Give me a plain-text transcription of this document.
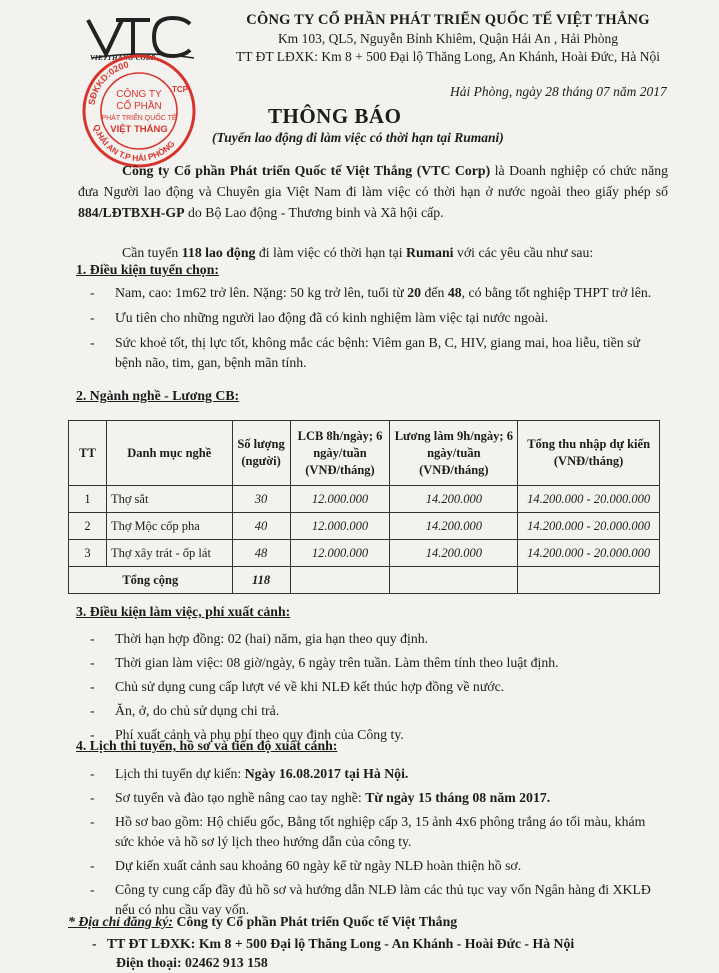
VIETTHANG CORP
CÔNG TY CỔ PHẦN PHÁT TRIỂN QUỐC TẾ VIỆT THẮNG
Km 103, QL5, Nguyễn Bỉnh Khiêm, Quận Hải An , Hải Phòng
TT ĐT LĐXK: Km 8 + 500 Đại lộ Thăng Long, An Khánh, Hoài Đức, Hà Nội
SĐKKD:0200
Q.HẢI AN T.P HẢI PHÒNG
TCP
CÔNG TY
CỔ PHẦN
PHÁT TRIỂN QUỐC TẾ
VIỆT THẮNG
Hải Phòng, ngày 28 tháng 07 năm 2017
THÔNG BÁO
(Tuyển lao động đi làm việc có thời hạn tại Rumani)
Công ty Cổ phần Phát triển Quốc tế Việt Thắng (VTC Corp) là Doanh nghiệp có chức năng đưa Người lao động và Chuyên gia Việt Nam đi làm việc có thời hạn ở nước ngoài theo giấy phép số 884/LĐTBXH-GP do Bộ Lao động - Thương binh và Xã hội cấp.
Cần tuyển 118 lao động đi làm việc có thời hạn tại Rumani với các yêu cầu như sau:
1. Điều kiện tuyển chọn:
- Nam, cao: 1m62 trở lên. Nặng: 50 kg trở lên, tuổi từ 20 đến 48, có bằng tốt nghiệp THPT trở lên.
- Ưu tiên cho những người lao động đã có kinh nghiệm làm việc tại nước ngoài.
- Sức khoẻ tốt, thị lực tốt, không mắc các bệnh: Viêm gan B, C, HIV, giang mai, hoa liễu, tiền sử bệnh não, tim, gan, bệnh mãn tính.
2. Ngành nghề - Lương CB:
TT	Danh mục nghề	Số lượng (người)	LCB 8h/ngày; 6 ngày/tuần (VNĐ/tháng)	Lương làm 9h/ngày; 6 ngày/tuần (VNĐ/tháng)	Tổng thu nhập dự kiến (VNĐ/tháng)
1	Thợ sắt	30	12.000.000	14.200.000	14.200.000 - 20.000.000
2	Thợ Mộc cốp pha	40	12.000.000	14.200.000	14.200.000 - 20.000.000
3	Thợ xây trát - ốp lát	48	12.000.000	14.200.000	14.200.000 - 20.000.000
Tổng cộng		118			
3. Điều kiện làm việc, phí xuất cảnh:
- Thời hạn hợp đồng: 02 (hai) năm, gia hạn theo quy định.
- Thời gian làm việc: 08 giờ/ngày, 6 ngày trên tuần. Làm thêm tính theo luật định.
- Chủ sử dụng cung cấp lượt vé về khi NLĐ kết thúc hợp đồng về nước.
- Ăn, ở, do chủ sử dụng chi trả.
- Phí xuất cảnh và phụ phí theo quy định của Công ty.
4. Lịch thi tuyển, hồ sơ và tiến độ xuất cảnh:
- Lịch thi tuyển dự kiến: Ngày 16.08.2017 tại Hà Nội.
- Sơ tuyển và đào tạo nghề nâng cao tay nghề: Từ ngày 15 tháng 08 năm 2017.
- Hồ sơ bao gồm: Hộ chiếu gốc, Bằng tốt nghiệp cấp 3, 15 ảnh 4x6 phông trắng áo tối màu, khám sức khỏe và hồ sơ lý lịch theo hướng dẫn của công ty.
- Dự kiến xuất cảnh sau khoảng 60 ngày kể từ ngày NLĐ hoàn thiện hồ sơ.
- Công ty cung cấp đầy đủ hồ sơ và hướng dẫn NLĐ làm các thủ tục vay vốn Ngân hàng đi XKLĐ nếu có nhu cầu vay vốn.
* Địa chỉ đăng ký: Công ty Cổ phần Phát triển Quốc tế Việt Thắng
-   TT ĐT LĐXK: Km 8 + 500 Đại lộ Thăng Long - An Khánh - Hoài Đức - Hà Nội
Điện thoại: 02462 913 158
